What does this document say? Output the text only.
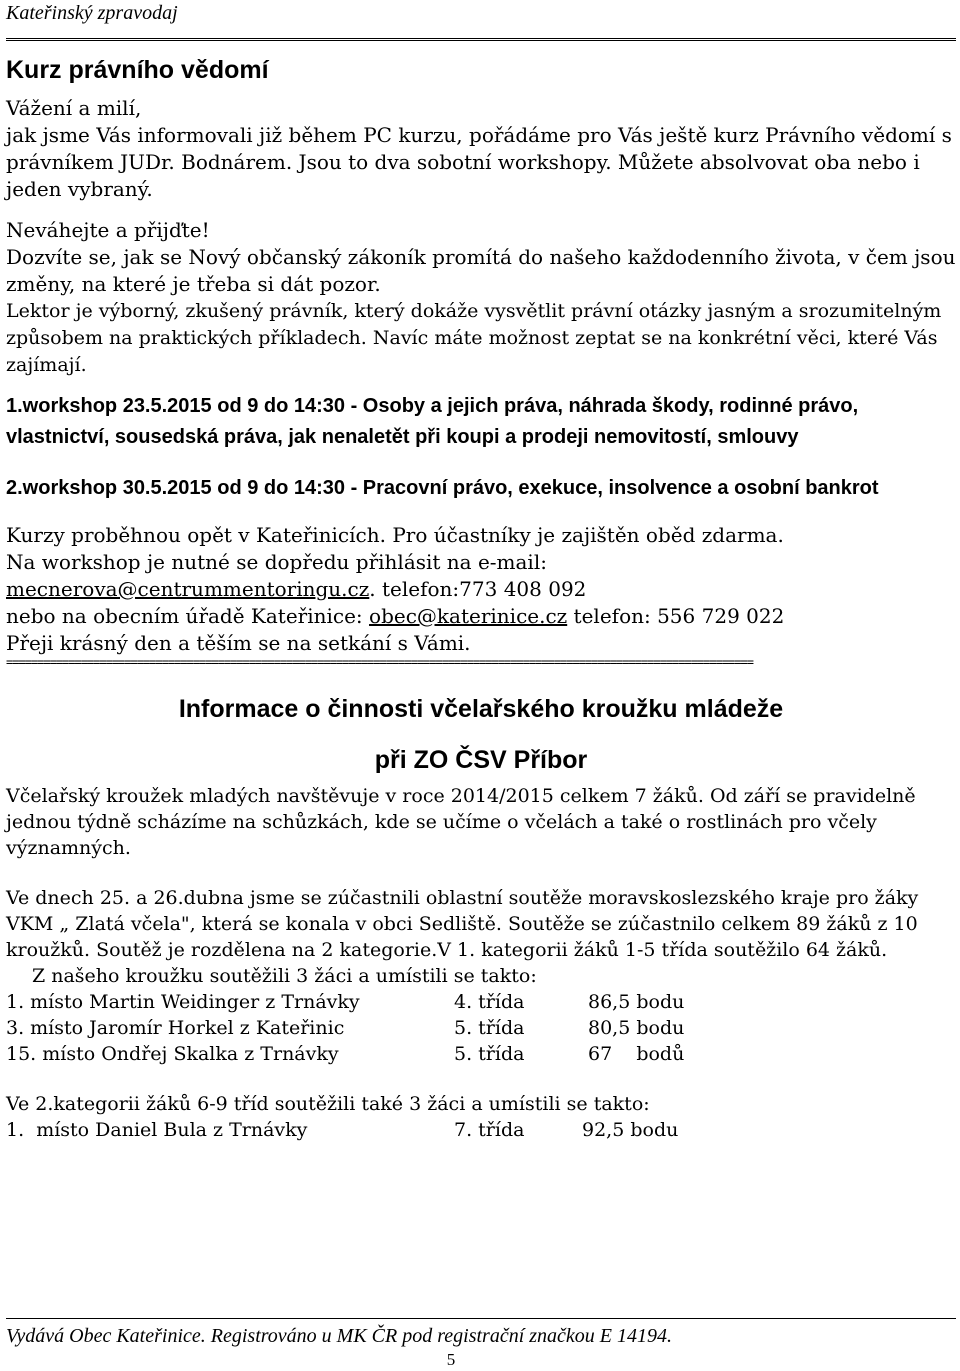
Kateřinský zpravodaj
Kurz právního vědomí

Vážení a milí,

jak jsme Vás informovali již během PC kurzu, pořádáme pro Vás ještě kurz Právního vědomí s právníkem JUDr. Bodnárem. Jsou to dva sobotní workshopy. Můžete absolvovat oba nebo i jeden vybraný.

Neváhejte a přijďte!

Dozvíte se, jak se Nový občanský zákoník promítá do našeho každodenního života, v čem jsou změny, na které je třeba si dát pozor.

Lektor je výborný, zkušený právník, který dokáže vysvětlit právní otázky jasným a srozumitelným způsobem na praktických příkladech. Navíc máte možnost zeptat se na konkrétní věci, které Vás zajímají.

1.workshop 23.5.2015 od 9 do 14:30 - Osoby a jejich práva, náhrada škody, rodinné právo, vlastnictví, sousedská práva, jak nenaletět při koupi a prodeji nemovitostí, smlouvy

2.workshop 30.5.2015 od 9 do 14:30 - Pracovní právo, exekuce, insolvence a osobní bankrot

Kurzy proběhnou opět v Kateřinicích. Pro účastníky je zajištěn oběd zdarma.

Na workshop je nutné se dopředu přihlásit na e-mail:

mecnerova@centrummentoringu.cz. telefon:773 408 092

nebo na obecním úřadě Kateřinice: obec@katerinice.cz telefon: 556 729 022

Přeji krásný den a těším se na setkání s Vámi.

========================================================================================================================

Informace o činnosti včelařského kroužku mládeže

při ZO ČSV Příbor

Včelařský kroužek mladých navštěvuje v roce 2014/2015 celkem 7 žáků. Od září se pravidelně jednou týdně scházíme na schůzkách, kde se učíme o včelách a také o rostlinách pro včely významných.

Ve dnech 25. a 26.dubna jsme se zúčastnili oblastní soutěže moravskoslezského kraje pro žáky VKM „ Zlatá včela", která se konala v obci Sedliště. Soutěže se zúčastnilo celkem 89 žáků z 10 kroužků. Soutěž je rozdělena na 2 kategorie.V 1. kategorii žáků 1-5 třída soutěžilo 64 žáků.

Z našeho kroužku soutěžili 3 žáci a umístili se takto:

1. místo Martin Weidinger z Trnávky	4. třída	86,5 bodu
3. místo Jaromír Horkel z Kateřinic	5. třída	80,5 bodu
15. místo Ondřej Skalka z Trnávky	5. třída	67    bodů

Ve 2.kategorii žáků 6-9 tříd soutěžili také 3 žáci a umístili se takto:

1.  místo Daniel Bula z Trnávky	7. třída	92,5 bodu
Vydává Obec Kateřinice. Registrováno u MK ČR pod registrační značkou E 14194.
5
